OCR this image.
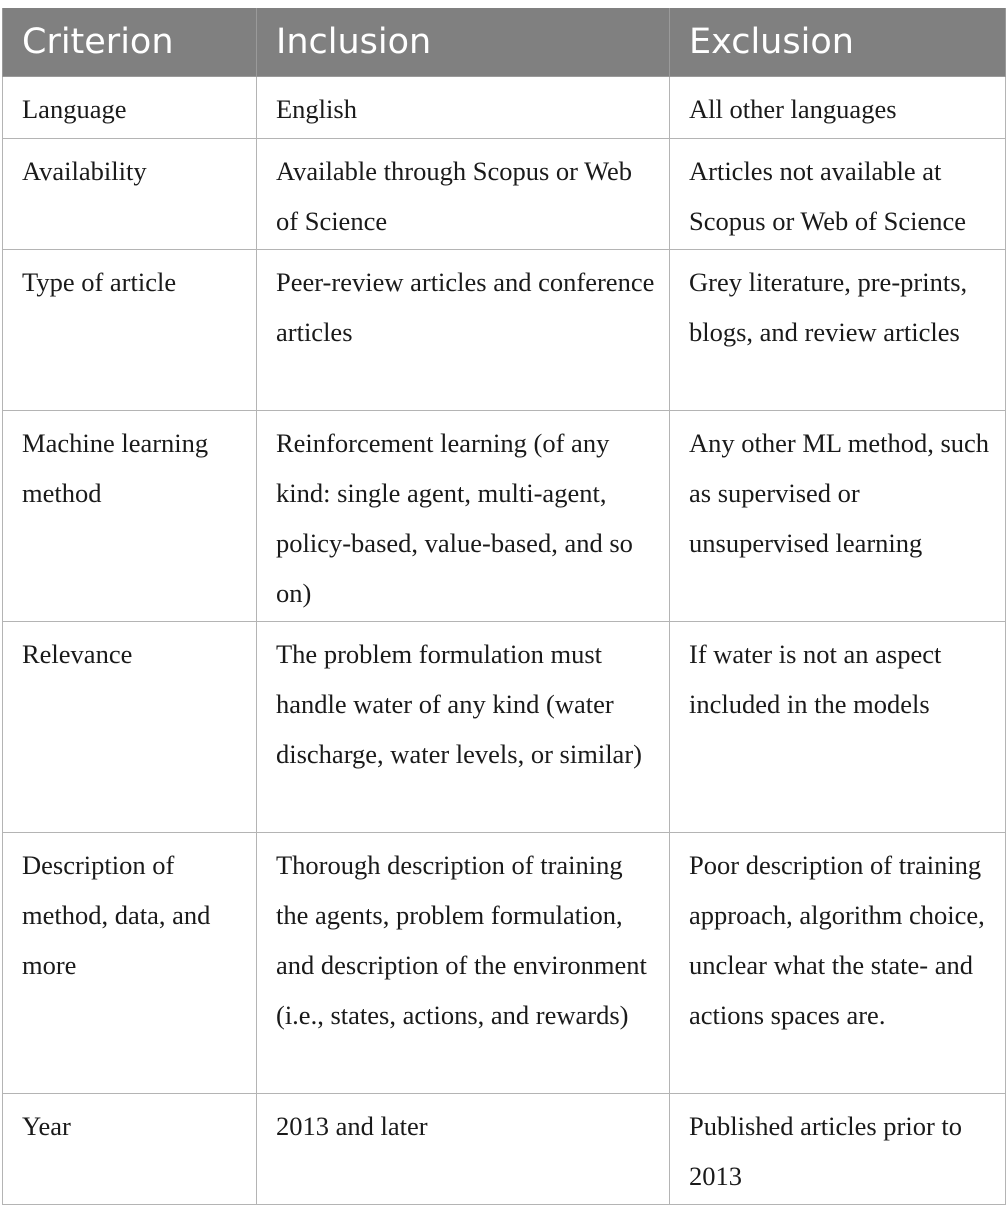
Criterion	Inclusion	Exclusion
Language	English	All other languages
Availability	Available through Scopus or Web of Science	Articles not available at Scopus or Web of Science
Type of article	Peer-review articles and conference articles	Grey literature, pre-prints, blogs, and review articles
Machine learning method	Reinforcement learning (of any kind: single agent, multi-agent, policy-based, value-based, and so on)	Any other ML method, such as supervised or unsupervised learning
Relevance	The problem formulation must handle water of any kind (water discharge, water levels, or similar)	If water is not an aspect included in the models
Description of method, data, and more	Thorough description of training the agents, problem formulation, and description of the environment (i.e., states, actions, and rewards)	Poor description of training approach, algorithm choice, unclear what the state- and actions spaces are.
Year	2013 and later	Published articles prior to 2013
